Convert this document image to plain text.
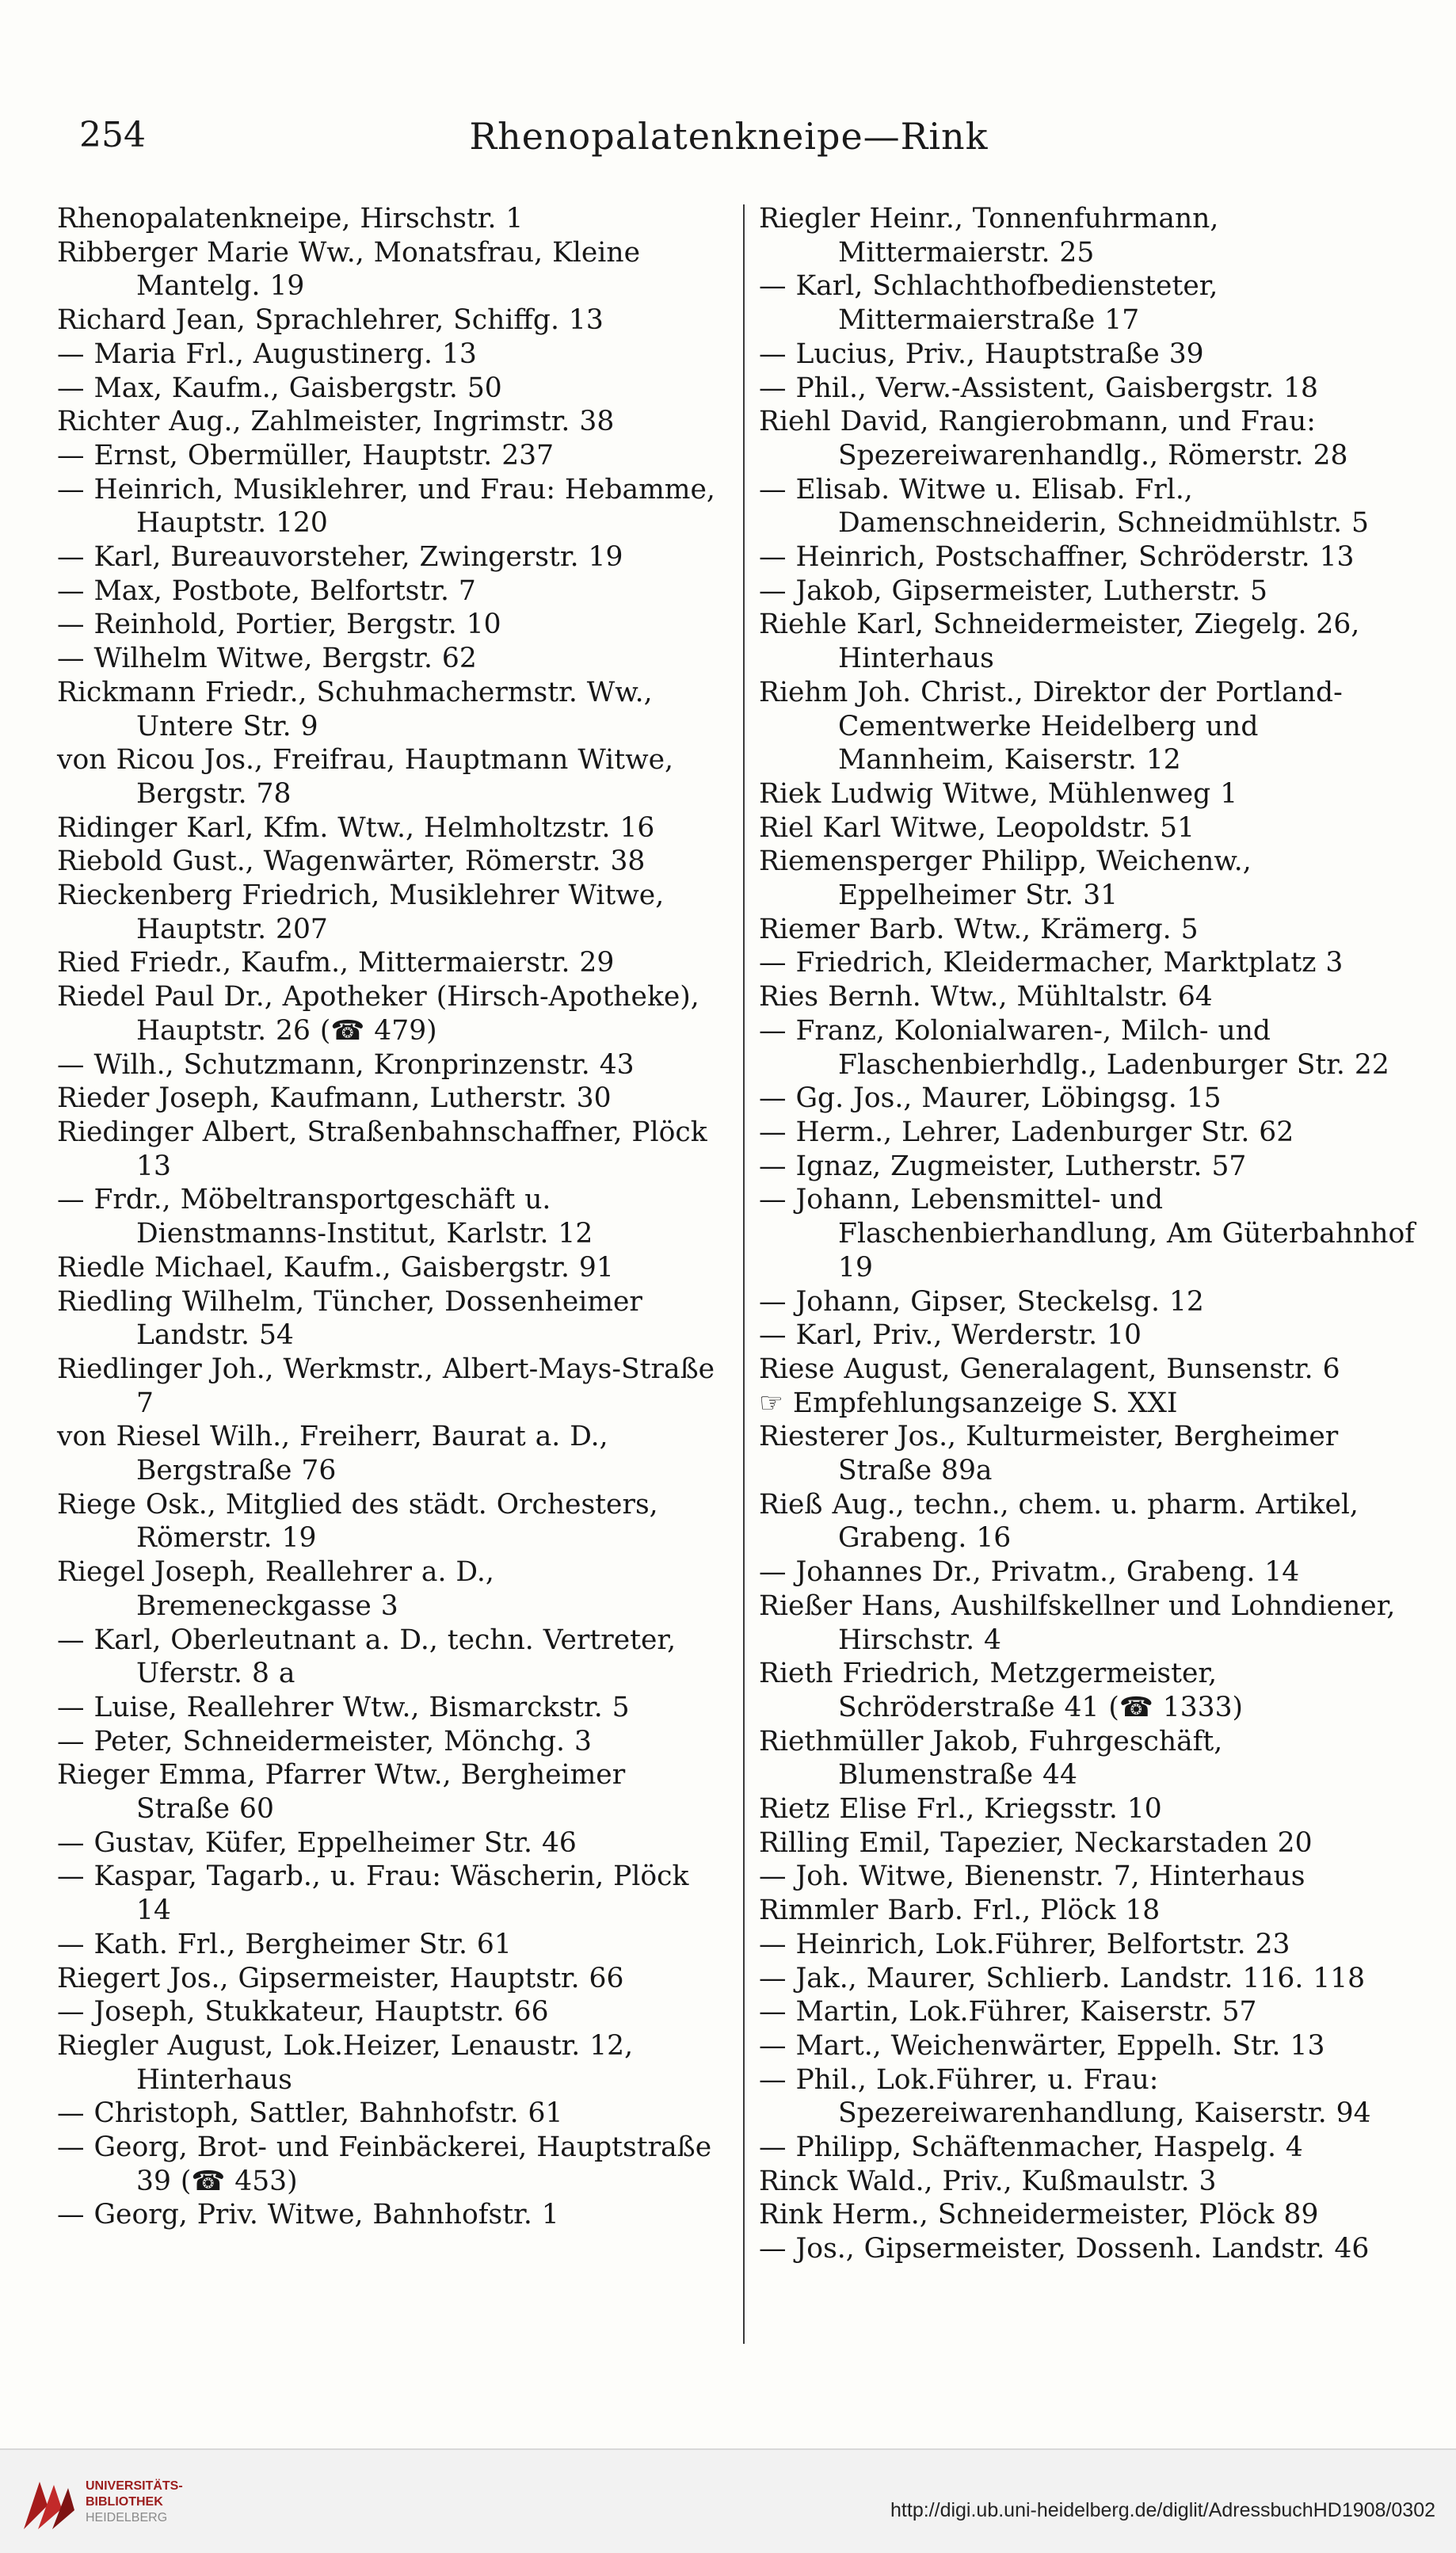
254	Rhenopalatenkneipe—Rink
Rhenopalatenkneipe, Hirschstr. 1
Ribberger Marie Ww., Monatsfrau, Kleine Mantelg. 19
Richard Jean, Sprachlehrer, Schiffg. 13
— Maria Frl., Augustinerg. 13
— Max, Kaufm., Gaisbergstr. 50
Richter Aug., Zahlmeister, Ingrimstr. 38
— Ernst, Obermüller, Hauptstr. 237
— Heinrich, Musiklehrer, und Frau: Hebamme, Hauptstr. 120
— Karl, Bureauvorsteher, Zwingerstr. 19
— Max, Postbote, Belfortstr. 7
— Reinhold, Portier, Bergstr. 10
— Wilhelm Witwe, Bergstr. 62
Rickmann Friedr., Schuhmachermstr. Ww., Untere Str. 9
von Ricou Jos., Freifrau, Hauptmann Witwe, Bergstr. 78
Ridinger Karl, Kfm. Wtw., Helmholtzstr. 16
Riebold Gust., Wagenwärter, Römerstr. 38
Rieckenberg Friedrich, Musiklehrer Witwe, Hauptstr. 207
Ried Friedr., Kaufm., Mittermaierstr. 29
Riedel Paul Dr., Apotheker (Hirsch-Apotheke), Hauptstr. 26 (☎ 479)
— Wilh., Schutzmann, Kronprinzenstr. 43
Rieder Joseph, Kaufmann, Lutherstr. 30
Riedinger Albert, Straßenbahnschaffner, Plöck 13
— Frdr., Möbeltransportgeschäft u. Dienstmanns-Institut, Karlstr. 12
Riedle Michael, Kaufm., Gaisbergstr. 91
Riedling Wilhelm, Tüncher, Dossenheimer Landstr. 54
Riedlinger Joh., Werkmstr., Albert-Mays-Straße 7
von Riesel Wilh., Freiherr, Baurat a. D., Bergstraße 76
Riege Osk., Mitglied des städt. Orchesters, Römerstr. 19
Riegel Joseph, Reallehrer a. D., Bremeneckgasse 3
— Karl, Oberleutnant a. D., techn. Vertreter, Uferstr. 8 a
— Luise, Reallehrer Wtw., Bismarckstr. 5
— Peter, Schneidermeister, Mönchg. 3
Rieger Emma, Pfarrer Wtw., Bergheimer Straße 60
— Gustav, Küfer, Eppelheimer Str. 46
— Kaspar, Tagarb., u. Frau: Wäscherin, Plöck 14
— Kath. Frl., Bergheimer Str. 61
Riegert Jos., Gipsermeister, Hauptstr. 66
— Joseph, Stukkateur, Hauptstr. 66
Riegler August, Lok.Heizer, Lenaustr. 12, Hinterhaus
— Christoph, Sattler, Bahnhofstr. 61
— Georg, Brot- und Feinbäckerei, Hauptstraße 39 (☎ 453)
— Georg, Priv. Witwe, Bahnhofstr. 1
Riegler Heinr., Tonnenfuhrmann, Mittermaierstr. 25
— Karl, Schlachthofbediensteter, Mittermaierstraße 17
— Lucius, Priv., Hauptstraße 39
— Phil., Verw.-Assistent, Gaisbergstr. 18
Riehl David, Rangierobmann, und Frau: Spezereiwarenhandlg., Römerstr. 28
— Elisab. Witwe u. Elisab. Frl., Damenschneiderin, Schneidmühlstr. 5
— Heinrich, Postschaffner, Schröderstr. 13
— Jakob, Gipsermeister, Lutherstr. 5
Riehle Karl, Schneidermeister, Ziegelg. 26, Hinterhaus
Riehm Joh. Christ., Direktor der Portland-Cementwerke Heidelberg und Mannheim, Kaiserstr. 12
Riek Ludwig Witwe, Mühlenweg 1
Riel Karl Witwe, Leopoldstr. 51
Riemensperger Philipp, Weichenw., Eppelheimer Str. 31
Riemer Barb. Wtw., Krämerg. 5
— Friedrich, Kleidermacher, Marktplatz 3
Ries Bernh. Wtw., Mühltalstr. 64
— Franz, Kolonialwaren-, Milch- und Flaschenbierhdlg., Ladenburger Str. 22
— Gg. Jos., Maurer, Löbingsg. 15
— Herm., Lehrer, Ladenburger Str. 62
— Ignaz, Zugmeister, Lutherstr. 57
— Johann, Lebensmittel- und Flaschenbierhandlung, Am Güterbahnhof 19
— Johann, Gipser, Steckelsg. 12
— Karl, Priv., Werderstr. 10
Riese August, Generalagent, Bunsenstr. 6
☞ Empfehlungsanzeige S. XXI
Riesterer Jos., Kulturmeister, Bergheimer Straße 89a
Rieß Aug., techn., chem. u. pharm. Artikel, Grabeng. 16
— Johannes Dr., Privatm., Grabeng. 14
Rießer Hans, Aushilfskellner und Lohndiener, Hirschstr. 4
Rieth Friedrich, Metzgermeister, Schröderstraße 41 (☎ 1333)
Riethmüller Jakob, Fuhrgeschäft, Blumenstraße 44
Rietz Elise Frl., Kriegsstr. 10
Rilling Emil, Tapezier, Neckarstaden 20
— Joh. Witwe, Bienenstr. 7, Hinterhaus
Rimmler Barb. Frl., Plöck 18
— Heinrich, Lok.Führer, Belfortstr. 23
— Jak., Maurer, Schlierb. Landstr. 116. 118
— Martin, Lok.Führer, Kaiserstr. 57
— Mart., Weichenwärter, Eppelh. Str. 13
— Phil., Lok.Führer, u. Frau: Spezereiwarenhandlung, Kaiserstr. 94
— Philipp, Schäftenmacher, Haspelg. 4
Rinck Wald., Priv., Kußmaulstr. 3
Rink Herm., Schneidermeister, Plöck 89
— Jos., Gipsermeister, Dossenh. Landstr. 46
UNIVERSITÄTS-
BIBLIOTHEK
HEIDELBERG	http://digi.ub.uni-heidelberg.de/diglit/AdressbuchHD1908/0302
